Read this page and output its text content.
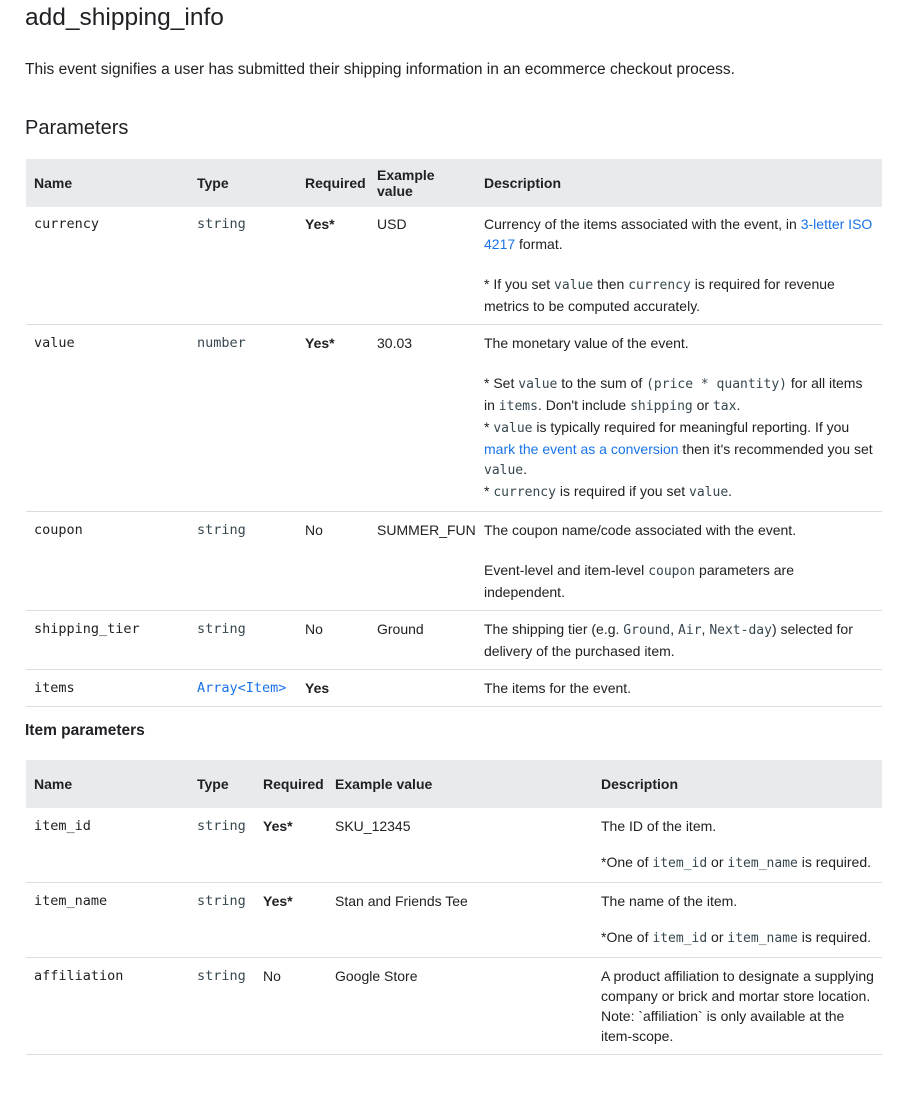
add_shipping_info

This event signifies a user has submitted their shipping information in an ecommerce checkout process.

Parameters
Name	Type	Required	Example value	Description
currency	string	Yes*	USD	Currency of the items associated with the event, in 3-letter ISO 4217 format.

* If you set value then currency is required for revenue metrics to be computed accurately.

value	number	Yes*	30.03	The monetary value of the event.

* Set value to the sum of (price * quantity) for all items in items. Don't include shipping or tax.
* value is typically required for meaningful reporting. If you mark the event as a conversion then it's recommended you set value.
* currency is required if you set value.

coupon	string	No	SUMMER_FUN	The coupon name/code associated with the event.

Event-level and item-level coupon parameters are independent.

shipping_tier	string	No	Ground	The shipping tier (e.g. Ground, Air, Next-day) selected for delivery of the purchased item.

items	Array<Item>	Yes		The items for the event.

Item parameters
Name	Type	Required	Example value	Description
item_id	string	Yes*	SKU_12345	The ID of the item.

*One of item_id or item_name is required.

item_name	string	Yes*	Stan and Friends Tee	The name of the item.

*One of item_id or item_name is required.

affiliation	string	No	Google Store	A product affiliation to designate a supplying company or brick and mortar store location.

Note: `affiliation` is only available at the item-scope.
